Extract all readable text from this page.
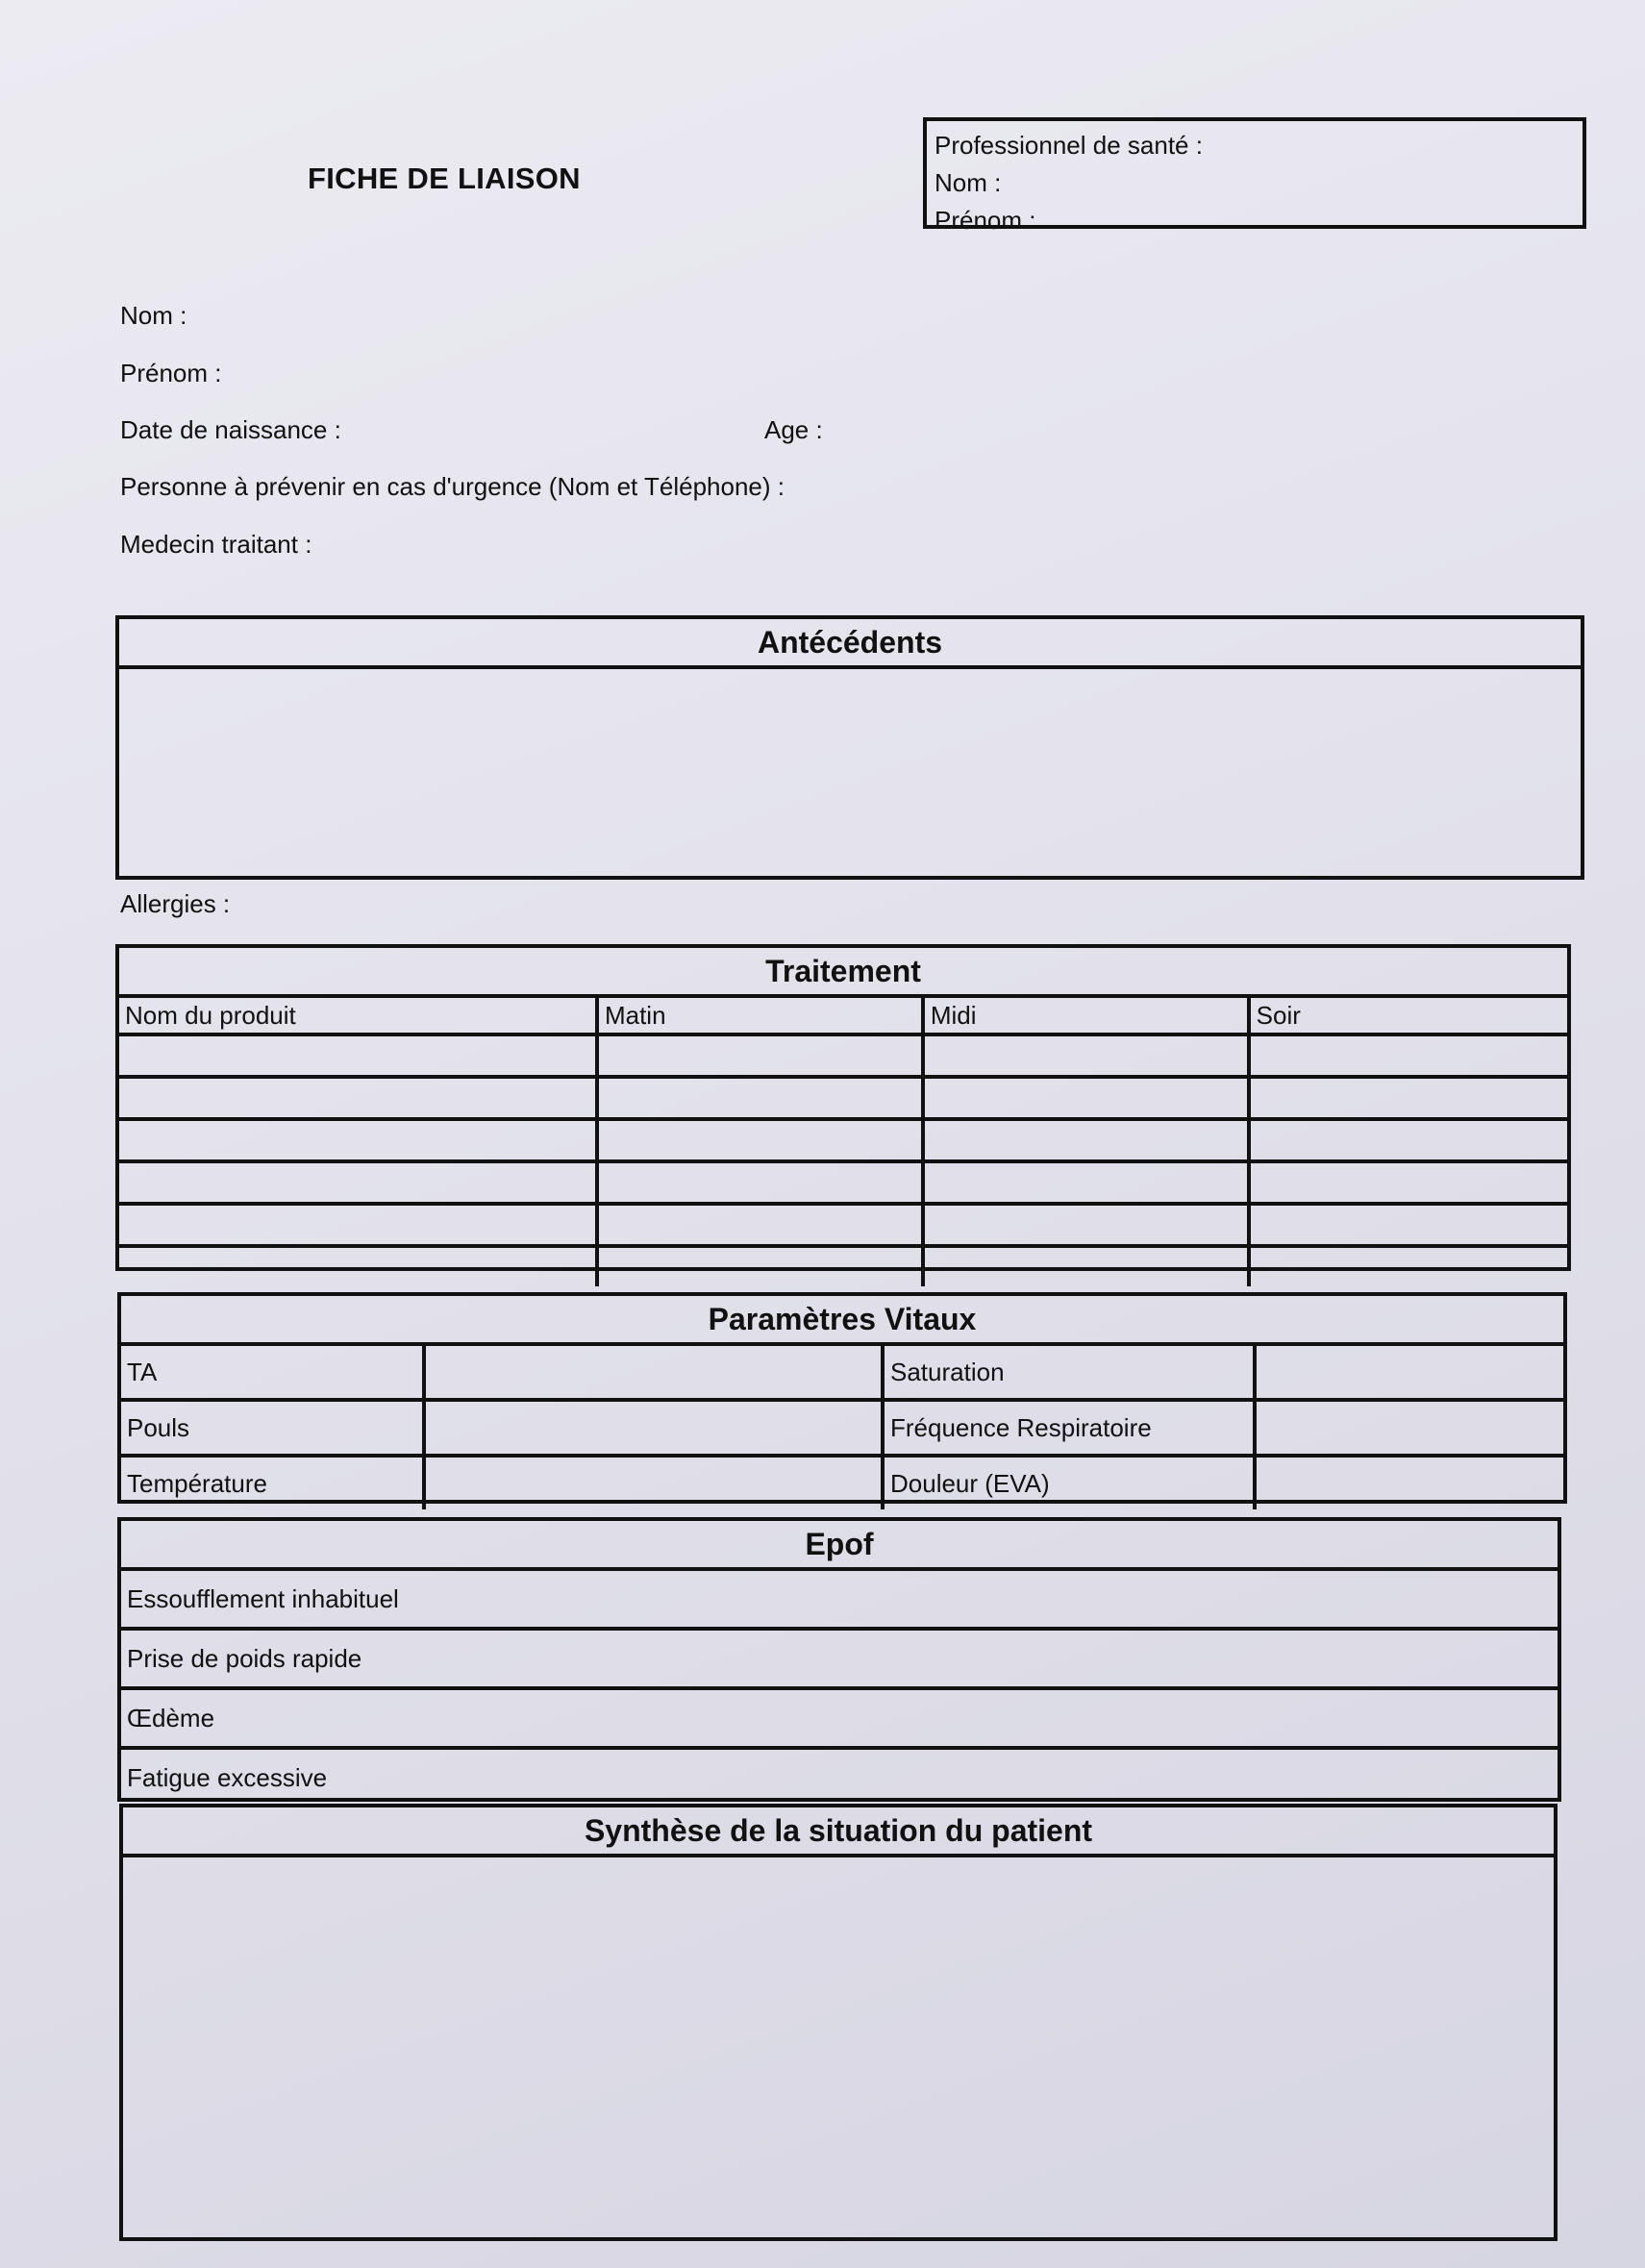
FICHE DE LIAISON
Professionnel de santé :
Nom :
Prénom :
Nom :
Prénom :
Date de naissance :	Age :
Personne à prévenir en cas d'urgence (Nom et Téléphone) :
Medecin traitant :
Antécédents
Allergies :
Traitement
Nom du produit	Matin	Midi	Soir

Paramètres Vitaux
TA		Saturation	
Pouls		Fréquence Respiratoire	
Température		Douleur (EVA)	
Epof
Essoufflement inhabituel
Prise de poids rapide
Œdème
Fatigue excessive
Synthèse de la situation du patient
